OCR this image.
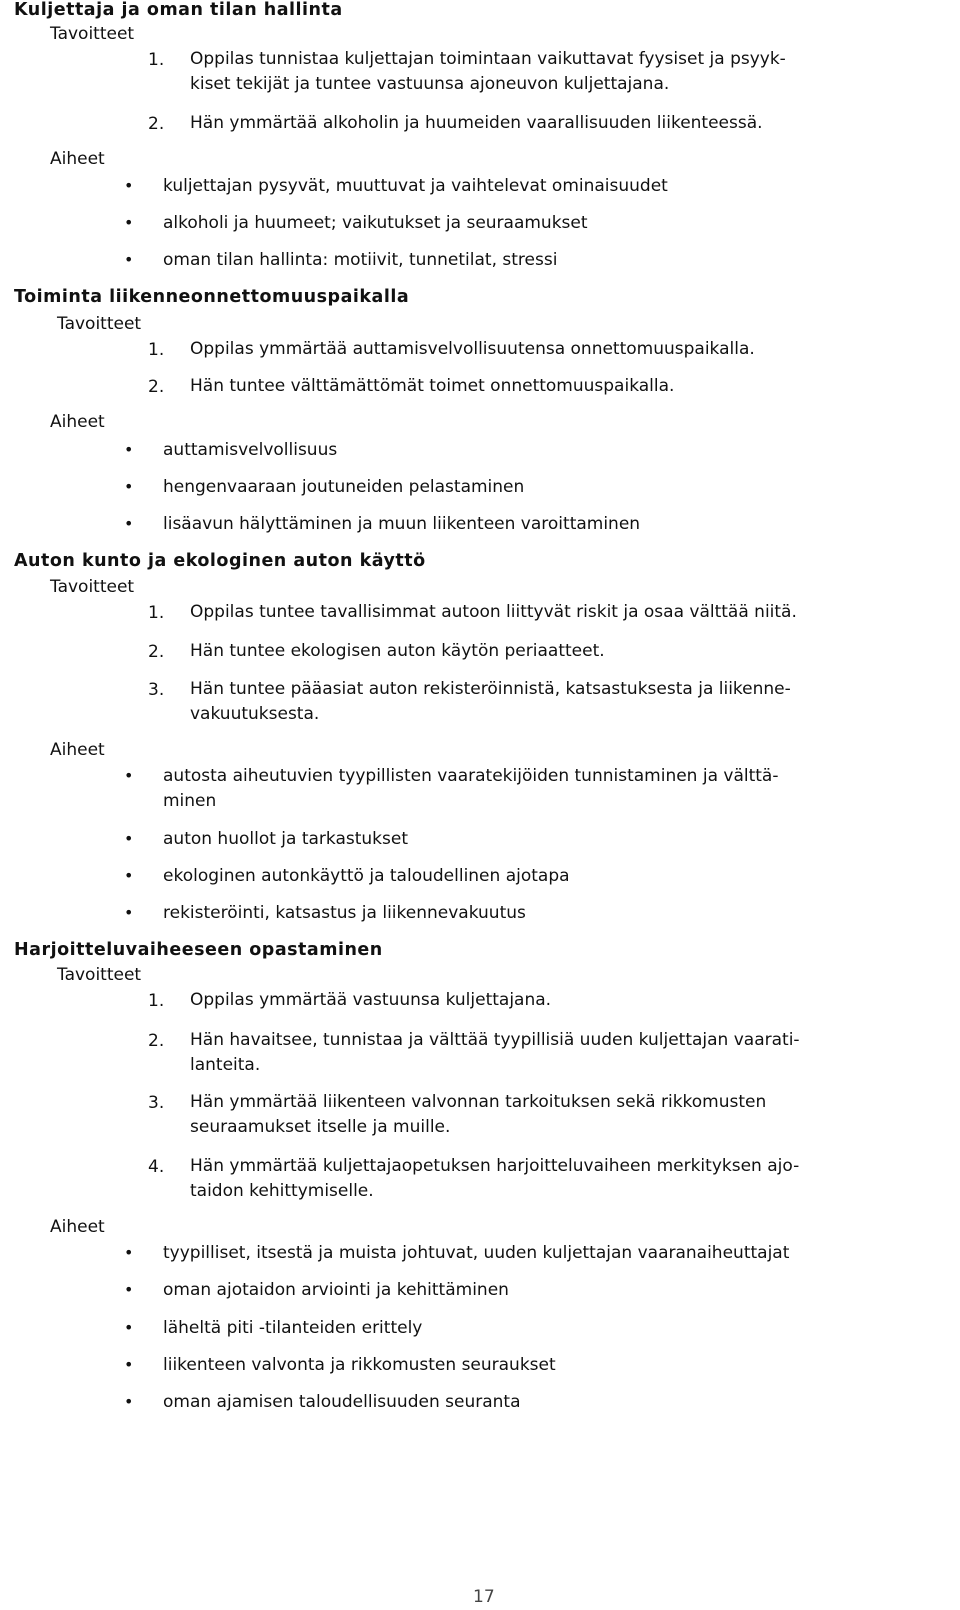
Kuljettaja ja oman tilan hallinta
Tavoitteet
1. Oppilas tunnistaa kuljettajan toimintaan vaikuttavat fyysiset ja psyyk-
kiset tekijät ja tuntee vastuunsa ajoneuvon kuljettajana.
2. Hän ymmärtää alkoholin ja huumeiden vaarallisuuden liikenteessä.
Aiheet
• kuljettajan pysyvät, muuttuvat ja vaihtelevat ominaisuudet
• alkoholi ja huumeet; vaikutukset ja seuraamukset
• oman tilan hallinta: motiivit, tunnetilat, stressi
Toiminta liikenneonnettomuuspaikalla
Tavoitteet
1. Oppilas ymmärtää auttamisvelvollisuutensa onnettomuuspaikalla.
2. Hän tuntee välttämättömät toimet onnettomuuspaikalla.
Aiheet
• auttamisvelvollisuus
• hengenvaaraan joutuneiden pelastaminen
• lisäavun hälyttäminen ja muun liikenteen varoittaminen
Auton kunto ja ekologinen auton käyttö
Tavoitteet
1. Oppilas tuntee tavallisimmat autoon liittyvät riskit ja osaa välttää niitä.
2. Hän tuntee ekologisen auton käytön periaatteet.
3. Hän tuntee pääasiat auton rekisteröinnistä, katsastuksesta ja liikenne-
vakuutuksesta.
Aiheet
• autosta aiheutuvien tyypillisten vaaratekijöiden tunnistaminen ja välttä-
minen
• auton huollot ja tarkastukset
• ekologinen autonkäyttö ja taloudellinen ajotapa
• rekisteröinti, katsastus ja liikennevakuutus
Harjoitteluvaiheeseen opastaminen
Tavoitteet
1. Oppilas ymmärtää vastuunsa kuljettajana.
2. Hän havaitsee, tunnistaa ja välttää tyypillisiä uuden kuljettajan vaarati-
lanteita.
3. Hän ymmärtää liikenteen valvonnan tarkoituksen sekä rikkomusten
seuraamukset itselle ja muille.
4. Hän ymmärtää kuljettajaopetuksen harjoitteluvaiheen merkityksen ajo-
taidon kehittymiselle.
Aiheet
• tyypilliset, itsestä ja muista johtuvat, uuden kuljettajan vaaranaiheuttajat
• oman ajotaidon arviointi ja kehittäminen
• läheltä piti -tilanteiden erittely
• liikenteen valvonta ja rikkomusten seuraukset
• oman ajamisen taloudellisuuden seuranta
17
